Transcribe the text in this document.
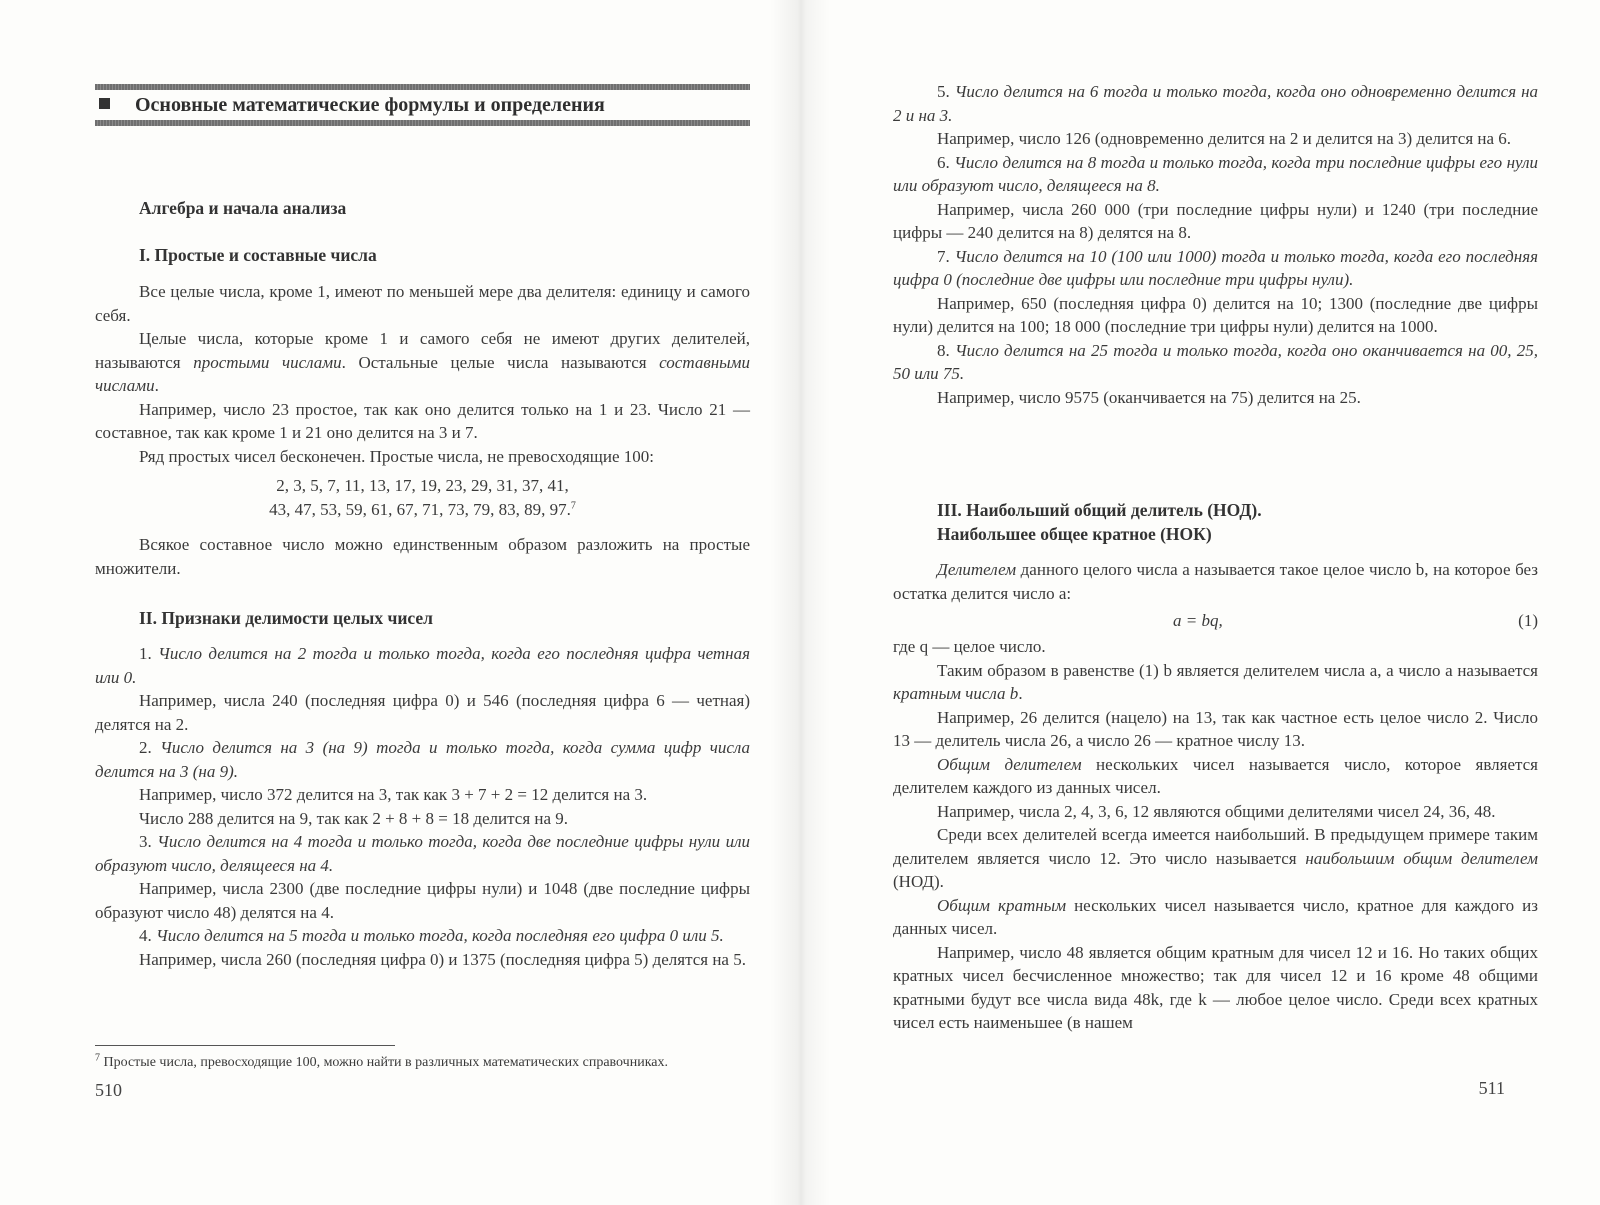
Основные математические формулы и определения
Алгебра и начала анализа
I. Простые и составные числа

Все целые числа, кроме 1, имеют по меньшей мере два делителя: единицу и самого себя.

Целые числа, которые кроме 1 и самого себя не имеют других делителей, называются простыми числами. Остальные целые числа называются составными числами.

Например, число 23 простое, так как оно делится только на 1 и 23. Число 21 — составное, так как кроме 1 и 21 оно делится на 3 и 7.

Ряд простых чисел бесконечен. Простые числа, не превосходящие 100:

2, 3, 5, 7, 11, 13, 17, 19, 23, 29, 31, 37, 41,

43, 47, 53, 59, 61, 67, 71, 73, 79, 83, 89, 97.$^7$

Всякое составное число можно единственным образом разложить на простые множители.

II. Признаки делимости целых чисел

1. Число делится на 2 тогда и только тогда, когда его последняя цифра четная или 0.

Например, числа 240 (последняя цифра 0) и 546 (последняя цифра 6 — четная) делятся на 2.

2. Число делится на 3 (на 9) тогда и только тогда, когда сумма цифр числа делится на 3 (на 9).

Например, число 372 делится на 3, так как 3 + 7 + 2 = 12 делится на 3.

Число 288 делится на 9, так как 2 + 8 + 8 = 18 делится на 9.

3. Число делится на 4 тогда и только тогда, когда две последние цифры нули или образуют число, делящееся на 4.

Например, числа 2300 (две последние цифры нули) и 1048 (две последние цифры образуют число 48) делятся на 4.

4. Число делится на 5 тогда и только тогда, когда последняя его цифра 0 или 5.

Например, числа 260 (последняя цифра 0) и 1375 (последняя цифра 5) делятся на 5.

$^7$ Простые числа, превосходящие 100, можно найти в различных математических справочниках.
510

5. Число делится на 6 тогда и только тогда, когда оно одновременно делится на 2 и на 3.

Например, число 126 (одновременно делится на 2 и делится на 3) делится на 6.

6. Число делится на 8 тогда и только тогда, когда три последние цифры его нули или образуют число, делящееся на 8.

Например, числа 260 000 (три последние цифры нули) и 1240 (три последние цифры — 240 делится на 8) делятся на 8.

7. Число делится на 10 (100 или 1000) тогда и только тогда, когда его последняя цифра 0 (последние две цифры или последние три цифры нули).

Например, 650 (последняя цифра 0) делится на 10; 1300 (последние две цифры нули) делится на 100; 18 000 (последние три цифры нули) делится на 1000.

8. Число делится на 25 тогда и только тогда, когда оно оканчивается на 00, 25, 50 или 75.

Например, число 9575 (оканчивается на 75) делится на 25.

III. Наибольший общий делитель (НОД).
Наибольшее общее кратное (НОК)

Делителем данного целого числа a называется такое целое число b, на которое без остатка делится число a:

a = bq,	(1)

где q — целое число.

Таким образом в равенстве (1) b является делителем числа a, а число a называется кратным числа b.

Например, 26 делится (нацело) на 13, так как частное есть целое число 2. Число 13 — делитель числа 26, а число 26 — кратное числу 13.

Общим делителем нескольких чисел называется число, которое является делителем каждого из данных чисел.

Например, числа 2, 4, 3, 6, 12 являются общими делителями чисел 24, 36, 48.

Среди всех делителей всегда имеется наибольший. В предыдущем примере таким делителем является число 12. Это число называется наибольшим общим делителем (НОД).

Общим кратным нескольких чисел называется число, кратное для каждого из данных чисел.

Например, число 48 является общим кратным для чисел 12 и 16. Но таких общих кратных чисел бесчисленное множество; так для чисел 12 и 16 кроме 48 общими кратными будут все числа вида 48k, где k — любое целое число. Среди всех кратных чисел есть наименьшее (в нашем

511
